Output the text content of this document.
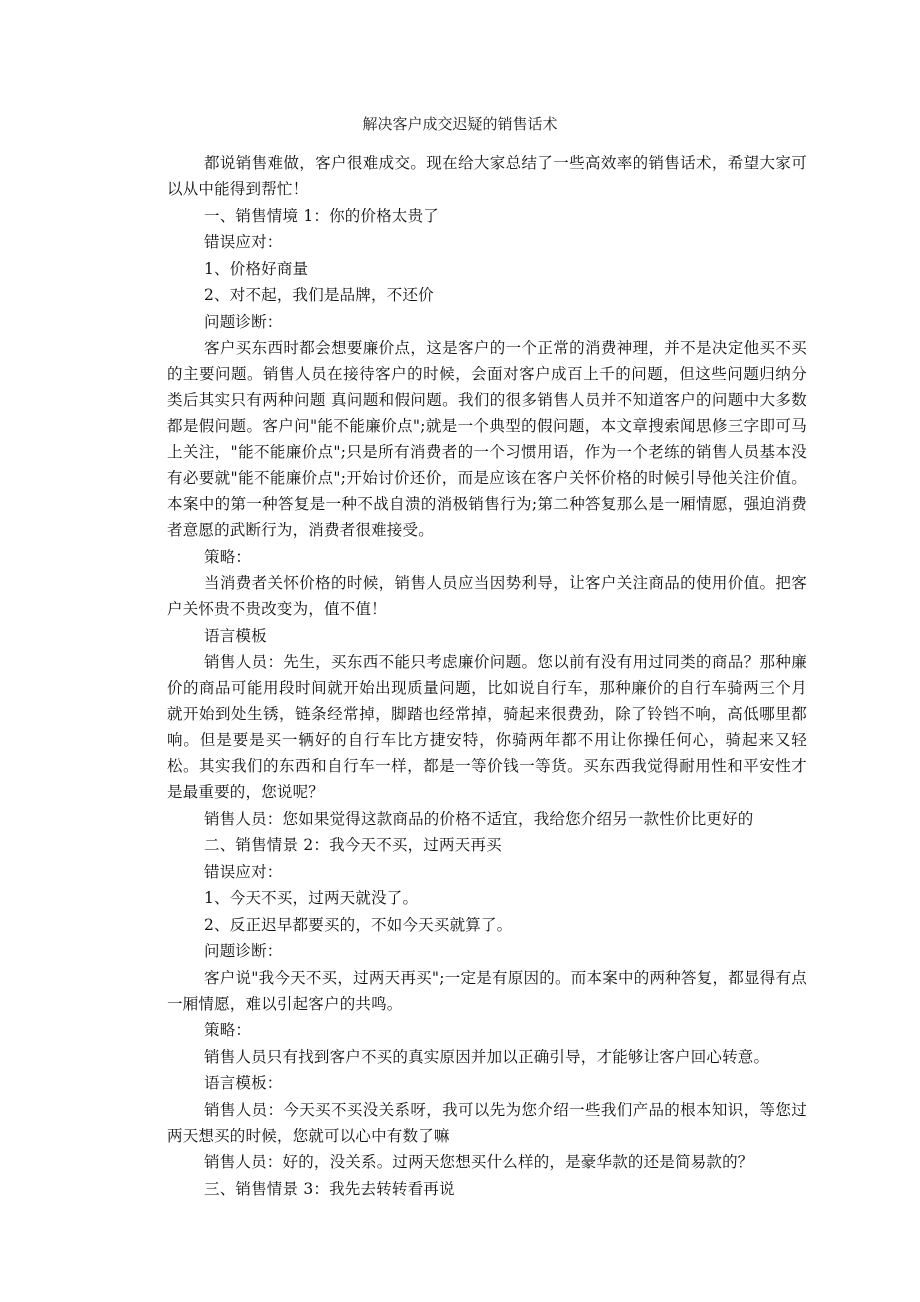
解决客户成交迟疑的销售话术

都说销售难做，客户很难成交。现在给大家总结了一些高效率的销售话术，希望大家可以从中能得到帮忙！

一、销售情境 1：你的价格太贵了

错误应对：

1、价格好商量

2、对不起，我们是品牌，不还价

问题诊断：

客户买东西时都会想要廉价点，这是客户的一个正常的消费神理，并不是决定他买不买的主要问题。销售人员在接待客户的时候，会面对客户成百上千的问题，但这些问题归纳分类后其实只有两种问题 真问题和假问题。我们的很多销售人员并不知道客户的问题中大多数都是假问题。客户问"能不能廉价点";就是一个典型的假问题，本文章搜索闻思修三字即可马上关注，"能不能廉价点";只是所有消费者的一个习惯用语，作为一个老练的销售人员基本没有必要就"能不能廉价点";开始讨价还价，而是应该在客户关怀价格的时候引导他关注价值。本案中的第一种答复是一种不战自溃的消极销售行为;第二种答复那么是一厢情愿，强迫消费者意愿的武断行为，消费者很难接受。

策略：

当消费者关怀价格的时候，销售人员应当因势利导，让客户关注商品的使用价值。把客户关怀贵不贵改变为，值不值！

语言模板

销售人员：先生，买东西不能只考虑廉价问题。您以前有没有用过同类的商品？那种廉价的商品可能用段时间就开始出现质量问题，比如说自行车，那种廉价的自行车骑两三个月就开始到处生锈，链条经常掉，脚踏也经常掉，骑起来很费劲，除了铃铛不响，高低哪里都响。但是要是买一辆好的自行车比方捷安特，你骑两年都不用让你操任何心，骑起来又轻松。其实我们的东西和自行车一样，都是一等价钱一等货。买东西我觉得耐用性和平安性才是最重要的，您说呢？

销售人员：您如果觉得这款商品的价格不适宜，我给您介绍另一款性价比更好的

二、销售情景 2：我今天不买，过两天再买

错误应对：

1、今天不买，过两天就没了。

2、反正迟早都要买的，不如今天买就算了。

问题诊断：

客户说"我今天不买，过两天再买";一定是有原因的。而本案中的两种答复，都显得有点一厢情愿，难以引起客户的共鸣。

策略：

销售人员只有找到客户不买的真实原因并加以正确引导，才能够让客户回心转意。

语言模板：

销售人员：今天买不买没关系呀，我可以先为您介绍一些我们产品的根本知识，等您过两天想买的时候，您就可以心中有数了嘛

销售人员：好的，没关系。过两天您想买什么样的，是豪华款的还是简易款的？

三、销售情景 3：我先去转转看再说
